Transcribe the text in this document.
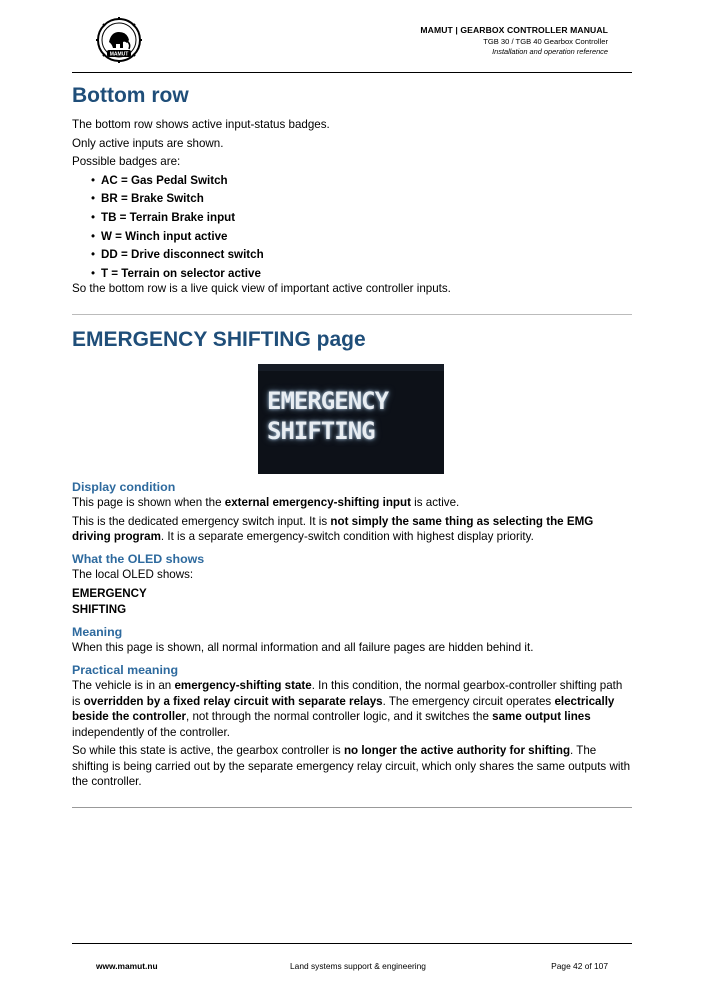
MAMUT
MAMUT | GEARBOX CONTROLLER MANUAL
TGB 30 / TGB 40 Gearbox Controller
Installation and operation reference
Bottom row

The bottom row shows active input-status badges.

Only active inputs are shown.

Possible badges are:

• AC = Gas Pedal Switch
• BR = Brake Switch
• TB = Terrain Brake input
• W = Winch input active
• DD = Drive disconnect switch
• T = Terrain on selector active

So the bottom row is a live quick view of important active controller inputs.

EMERGENCY SHIFTING page
EMERGENCY
SHIFTING
Display condition

This page is shown when the external emergency-shifting input is active.

This is the dedicated emergency switch input. It is not simply the same thing as selecting the EMG driving program. It is a separate emergency-switch condition with highest display priority.

What the OLED shows

The local OLED shows:

EMERGENCY

SHIFTING

Meaning

When this page is shown, all normal information and all failure pages are hidden behind it.

Practical meaning

The vehicle is in an emergency-shifting state. In this condition, the normal gearbox-controller shifting path is overridden by a fixed relay circuit with separate relays. The emergency circuit operates electrically beside the controller, not through the normal controller logic, and it switches the same output lines independently of the controller.

So while this state is active, the gearbox controller is no longer the active authority for shifting. The shifting is being carried out by the separate emergency relay circuit, which only shares the same outputs with the controller.

www.mamut.nu	Land systems support & engineering	Page 42 of 107
